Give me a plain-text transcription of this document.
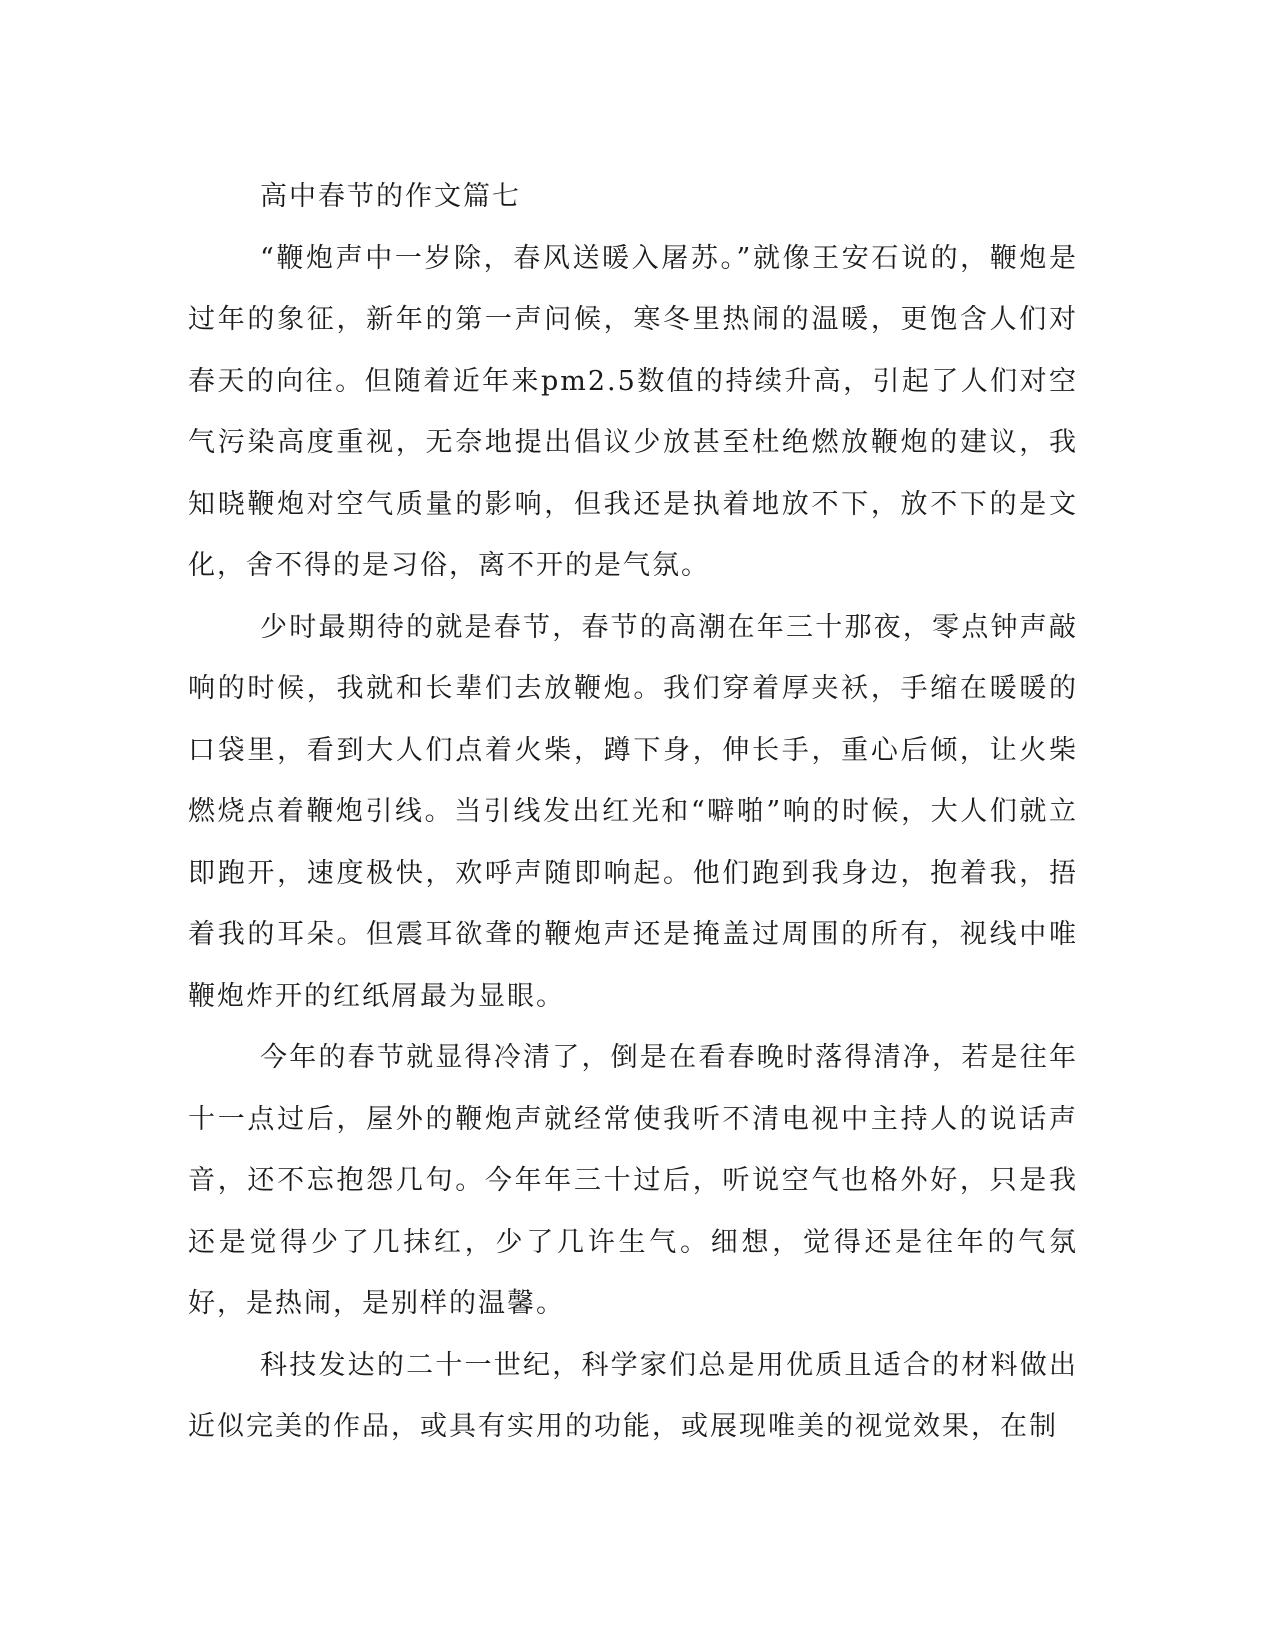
高中春节的作文篇七

“鞭炮声中一岁除，春风送暖入屠苏。”就像王安石说的，鞭炮是过年的象征，新年的第一声问候，寒冬里热闹的温暖，更饱含人们对春天的向往。但随着近年来pm2.5数值的持续升高，引起了人们对空气污染高度重视，无奈地提出倡议少放甚至杜绝燃放鞭炮的建议，我知晓鞭炮对空气质量的影响，但我还是执着地放不下，放不下的是文化，舍不得的是习俗，离不开的是气氛。

少时最期待的就是春节，春节的高潮在年三十那夜，零点钟声敲响的时候，我就和长辈们去放鞭炮。我们穿着厚夹袄，手缩在暖暖的口袋里，看到大人们点着火柴，蹲下身，伸长手，重心后倾，让火柴燃烧点着鞭炮引线。当引线发出红光和“噼啪”响的时候，大人们就立即跑开，速度极快，欢呼声随即响起。他们跑到我身边，抱着我，捂着我的耳朵。但震耳欲聋的鞭炮声还是掩盖过周围的所有，视线中唯鞭炮炸开的红纸屑最为显眼。

今年的春节就显得冷清了，倒是在看春晚时落得清净，若是往年十一点过后，屋外的鞭炮声就经常使我听不清电视中主持人的说话声音，还不忘抱怨几句。今年年三十过后，听说空气也格外好，只是我还是觉得少了几抹红，少了几许生气。细想，觉得还是往年的气氛好，是热闹，是别样的温馨。

科技发达的二十一世纪，科学家们总是用优质且适合的材料做出近似完美的作品，或具有实用的功能，或展现唯美的视觉效果，在制
